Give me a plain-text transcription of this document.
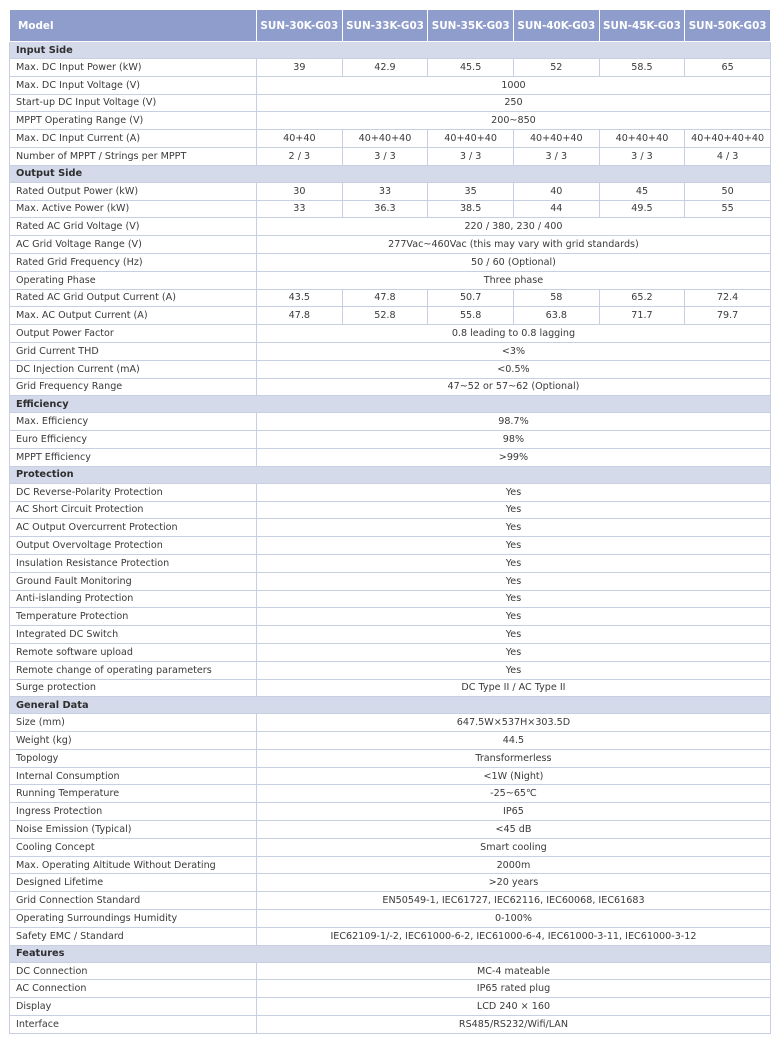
Model	SUN-30K-G03	SUN-33K-G03	SUN-35K-G03	SUN-40K-G03	SUN-45K-G03	SUN-50K-G03
Input Side						
Max. DC Input Power (kW)	39	42.9	45.5	52	58.5	65
Max. DC Input Voltage (V)	1000					
Start-up DC Input Voltage (V)	250					
MPPT Operating Range (V)	200~850					
Max. DC Input Current (A)	40+40	40+40+40	40+40+40	40+40+40	40+40+40	40+40+40+40
Number of MPPT / Strings per MPPT	2 / 3	3 / 3	3 / 3	3 / 3	3 / 3	4 / 3
Output Side						
Rated Output Power (kW)	30	33	35	40	45	50
Max. Active Power (kW)	33	36.3	38.5	44	49.5	55
Rated AC Grid Voltage (V)	220 / 380, 230 / 400					
AC Grid Voltage Range (V)	277Vac~460Vac (this may vary with grid standards)					
Rated Grid Frequency (Hz)	50 / 60 (Optional)					
Operating Phase	Three phase					
Rated AC Grid Output Current (A)	43.5	47.8	50.7	58	65.2	72.4
Max. AC Output Current (A)	47.8	52.8	55.8	63.8	71.7	79.7
Output Power Factor	0.8 leading to 0.8 lagging					
Grid Current THD	<3%					
DC Injection Current (mA)	<0.5%					
Grid Frequency Range	47~52 or 57~62 (Optional)					
Efficiency						
Max. Efficiency	98.7%					
Euro Efficiency	98%					
MPPT Efficiency	>99%					
Protection						
DC Reverse-Polarity Protection	Yes					
AC Short Circuit Protection	Yes					
AC Output Overcurrent Protection	Yes					
Output Overvoltage Protection	Yes					
Insulation Resistance Protection	Yes					
Ground Fault Monitoring	Yes					
Anti-islanding Protection	Yes					
Temperature Protection	Yes					
Integrated DC Switch	Yes					
Remote software upload	Yes					
Remote change of operating parameters	Yes					
Surge protection	DC Type II / AC Type II					
General Data						
Size (mm)	647.5W×537H×303.5D					
Weight (kg)	44.5					
Topology	Transformerless					
Internal Consumption	<1W (Night)					
Running Temperature	-25~65℃					
Ingress Protection	IP65					
Noise Emission (Typical)	<45 dB					
Cooling Concept	Smart cooling					
Max. Operating Altitude Without Derating	2000m					
Designed Lifetime	>20 years					
Grid Connection Standard	EN50549-1, IEC61727, IEC62116, IEC60068, IEC61683					
Operating Surroundings Humidity	0-100%					
Safety EMC / Standard	IEC62109-1/-2, IEC61000-6-2, IEC61000-6-4, IEC61000-3-11, IEC61000-3-12					
Features						
DC Connection	MC-4 mateable					
AC Connection	IP65 rated plug					
Display	LCD 240 × 160					
Interface	RS485/RS232/Wifi/LAN					
